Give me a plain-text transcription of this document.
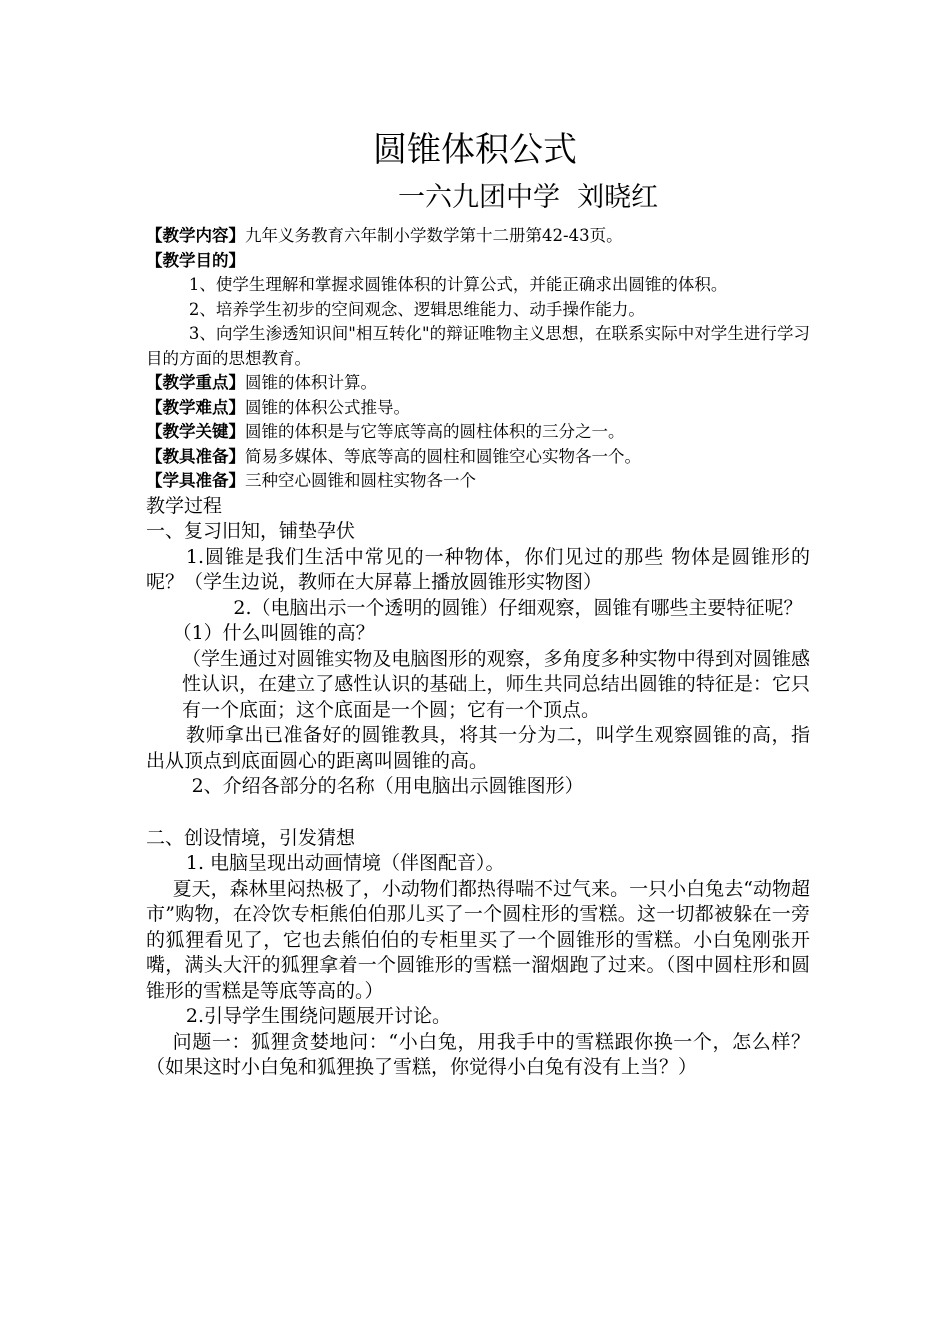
圆锥体积公式
一六九团中学  刘晓红

【教学内容】九年义务教育六年制小学数学第十二册第42-43页。

【教学目的】

1、使学生理解和掌握求圆锥体积的计算公式，并能正确求出圆锥的体积。

2、培养学生初步的空间观念、逻辑思维能力、动手操作能力。

3、向学生渗透知识间"相互转化"的辩证唯物主义思想，在联系实际中对学生进行学习目的方面的思想教育。

【教学重点】圆锥的体积计算。

【教学难点】圆锥的体积公式推导。

【教学关键】圆锥的体积是与它等底等高的圆柱体积的三分之一。

【教具准备】简易多媒体、等底等高的圆柱和圆锥空心实物各一个。

【学具准备】三种空心圆锥和圆柱实物各一个

教学过程

一、复习旧知，铺垫孕伏

1.圆锥是我们生活中常见的一种物体，你们见过的那些 物体是圆锥形的呢？（学生边说，教师在大屏幕上播放圆锥形实物图）

2.（电脑出示一个透明的圆锥）仔细观察，圆锥有哪些主要特征呢？

（1）什么叫圆锥的高？

（学生通过对圆锥实物及电脑图形的观察，多角度多种实物中得到对圆锥感性认识，在建立了感性认识的基础上，师生共同总结出圆锥的特征是：它只有一个底面；这个底面是一个圆；它有一个顶点。

教师拿出已准备好的圆锥教具，将其一分为二，叫学生观察圆锥的高，指出从顶点到底面圆心的距离叫圆锥的高。

2、介绍各部分的名称（用电脑出示圆锥图形）

二、创设情境，引发猜想

1. 电脑呈现出动画情境（伴图配音）。

夏天，森林里闷热极了，小动物们都热得喘不过气来。一只小白兔去“动物超市”购物，在冷饮专柜熊伯伯那儿买了一个圆柱形的雪糕。这一切都被躲在一旁的狐狸看见了，它也去熊伯伯的专柜里买了一个圆锥形的雪糕。小白兔刚张开嘴，满头大汗的狐狸拿着一个圆锥形的雪糕一溜烟跑了过来。（图中圆柱形和圆锥形的雪糕是等底等高的。）

2.引导学生围绕问题展开讨论。

问题一：狐狸贪婪地问：“小白兔，用我手中的雪糕跟你换一个，怎么样？（如果这时小白兔和狐狸换了雪糕，你觉得小白兔有没有上当？）
